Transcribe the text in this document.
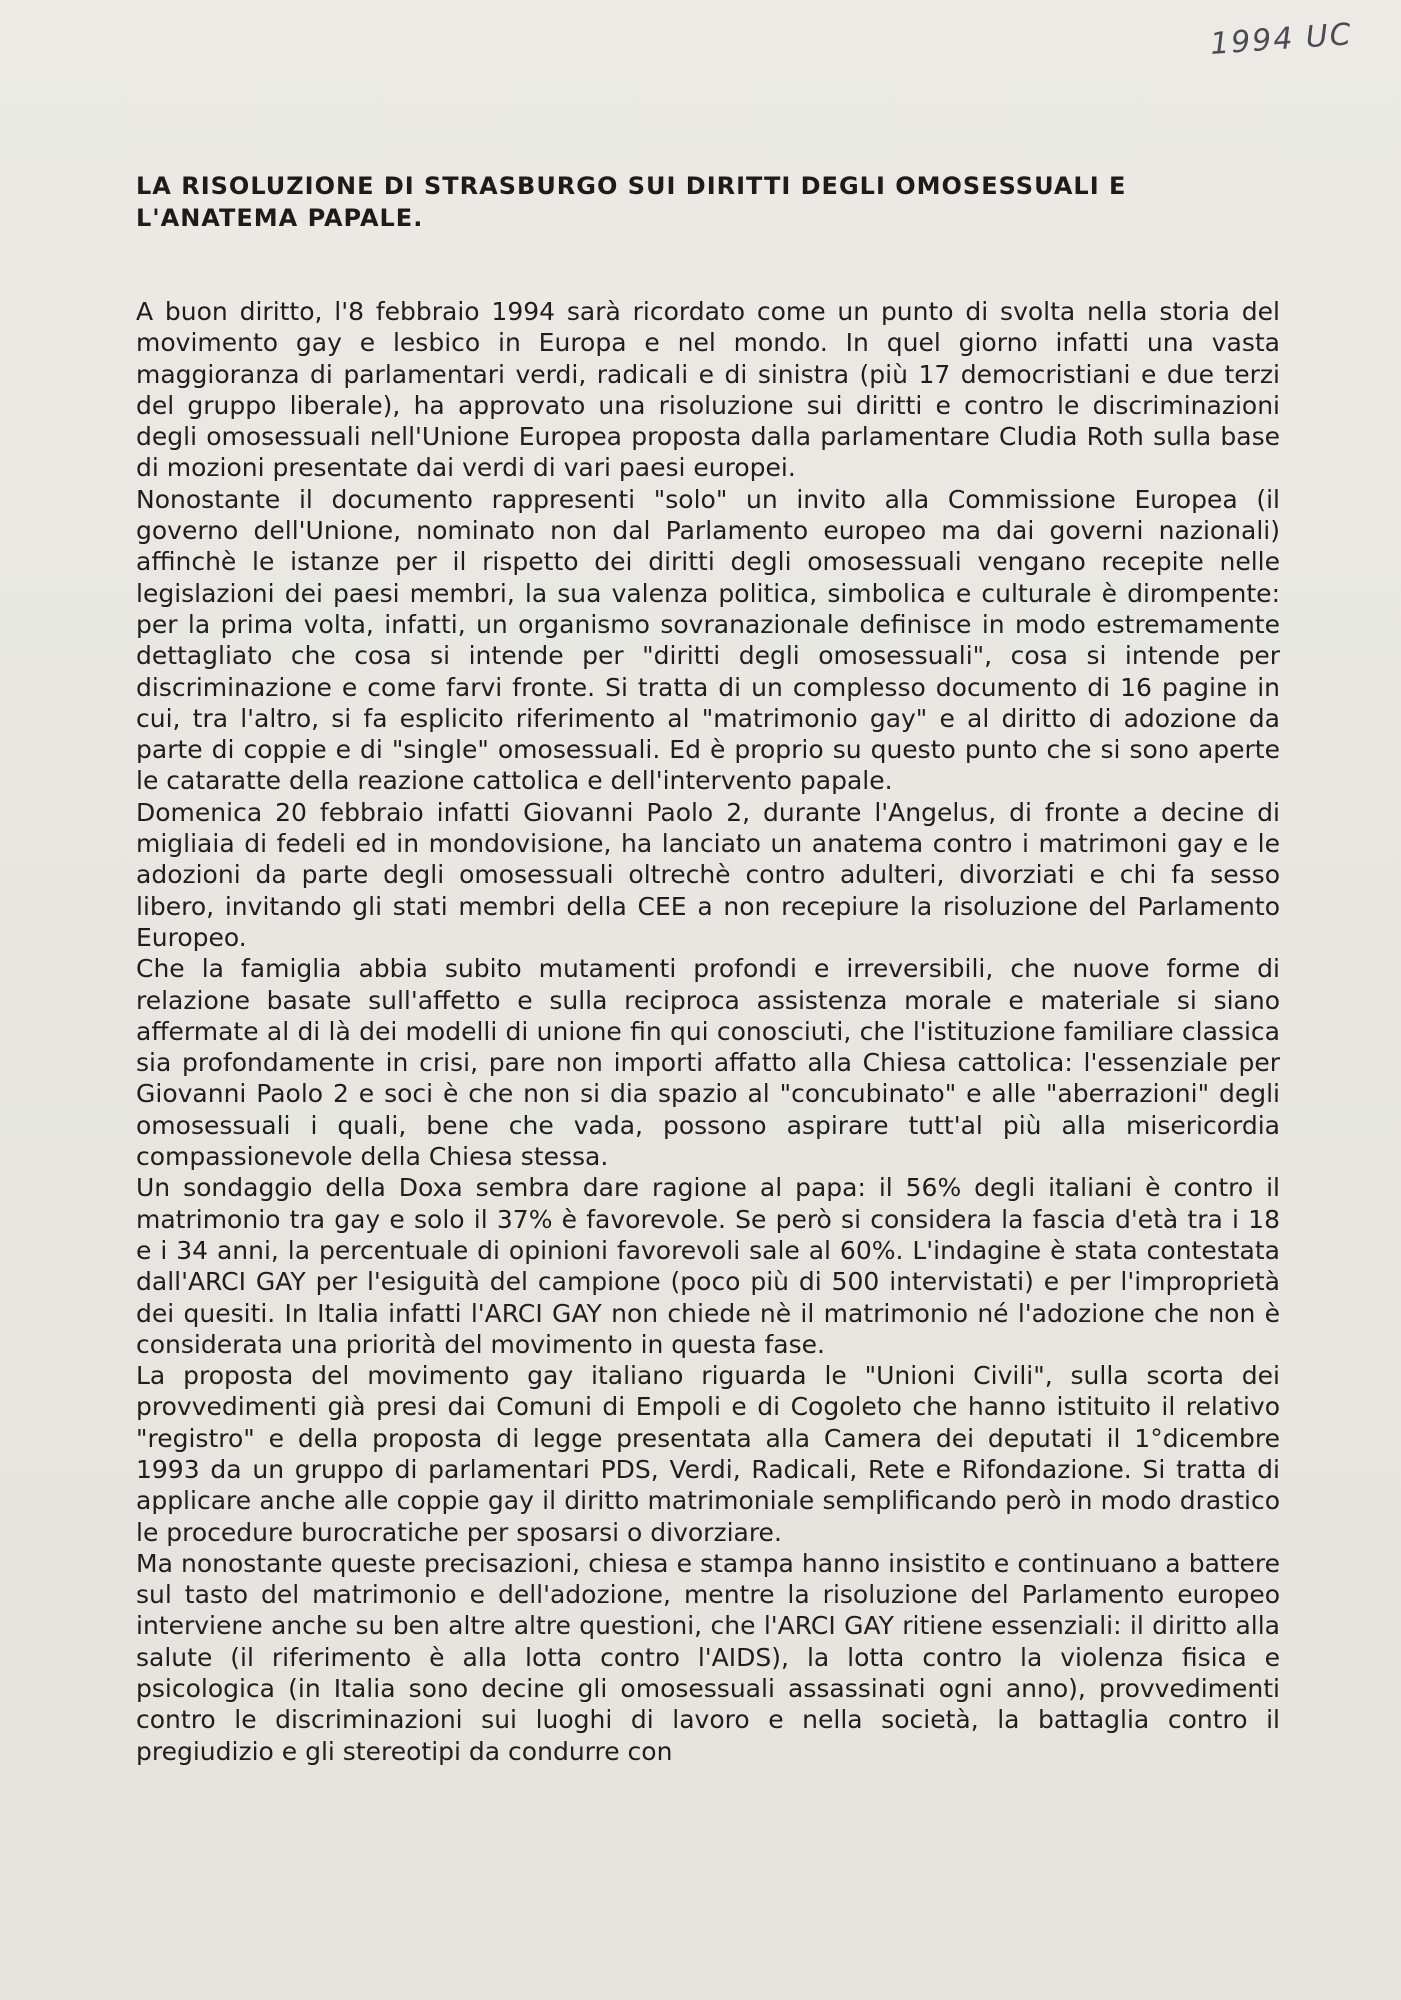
1994 UC
LA RISOLUZIONE DI STRASBURGO SUI DIRITTI DEGLI OMOSESSUALI E L'ANATEMA PAPALE.

A buon diritto, l'8 febbraio 1994 sarà ricordato come un punto di svolta nella storia del movimento gay e lesbico in Europa e nel mondo. In quel giorno infatti una vasta maggioranza di parlamentari verdi, radicali e di sinistra (più 17 democristiani e due terzi del gruppo liberale), ha approvato una risoluzione sui diritti e contro le discriminazioni degli omosessuali nell'Unione Europea proposta dalla parlamentare Cludia Roth sulla base di mozioni presentate dai verdi di vari paesi europei.

Nonostante il documento rappresenti "solo" un invito alla Commissione Europea (il governo dell'Unione, nominato non dal Parlamento europeo ma dai governi nazionali) affinchè le istanze per il rispetto dei diritti degli omosessuali vengano recepite nelle legislazioni dei paesi membri, la sua valenza politica, simbolica e culturale è dirompente: per la prima volta, infatti, un organismo sovranazionale definisce in modo estremamente dettagliato che cosa si intende per "diritti degli omosessuali", cosa si intende per discriminazione e come farvi fronte. Si tratta di un complesso documento di 16 pagine in cui, tra l'altro, si fa esplicito riferimento al "matrimonio gay" e al diritto di adozione da parte di coppie e di "single" omosessuali. Ed è proprio su questo punto che si sono aperte le cataratte della reazione cattolica e dell'intervento papale.

Domenica 20 febbraio infatti Giovanni Paolo 2, durante l'Angelus, di fronte a decine di migliaia di fedeli ed in mondovisione, ha lanciato un anatema contro i matrimoni gay e le adozioni da parte degli omosessuali oltrechè contro adulteri, divorziati e chi fa sesso libero, invitando gli stati membri della CEE a non recepiure la risoluzione del Parlamento Europeo.

Che la famiglia abbia subito mutamenti profondi e irreversibili, che nuove forme di relazione basate sull'affetto e sulla reciproca assistenza morale e materiale si siano affermate al di là dei modelli di unione fin qui conosciuti, che l'istituzione familiare classica sia profondamente in crisi, pare non importi affatto alla Chiesa cattolica: l'essenziale per Giovanni Paolo 2 e soci è che non si dia spazio al "concubinato" e alle "aberrazioni" degli omosessuali i quali, bene che vada, possono aspirare tutt'al più alla misericordia compassionevole della Chiesa stessa.

Un sondaggio della Doxa sembra dare ragione al papa: il 56% degli italiani è contro il matrimonio tra gay e solo il 37% è favorevole. Se però si considera la fascia d'età tra i 18 e i 34 anni, la percentuale di opinioni favorevoli sale al 60%. L'indagine è stata contestata dall'ARCI GAY per l'esiguità del campione (poco più di 500 intervistati) e per l'improprietà dei quesiti. In Italia infatti l'ARCI GAY non chiede nè il matrimonio né l'adozione che non è considerata una priorità del movimento in questa fase.

La proposta del movimento gay italiano riguarda le "Unioni Civili", sulla scorta dei provvedimenti già presi dai Comuni di Empoli e di Cogoleto che hanno istituito il relativo "registro" e della proposta di legge presentata alla Camera dei deputati il 1°dicembre 1993 da un gruppo di parlamentari PDS, Verdi, Radicali, Rete e Rifondazione. Si tratta di applicare anche alle coppie gay il diritto matrimoniale semplificando però in modo drastico le procedure burocratiche per sposarsi o divorziare.

Ma nonostante queste precisazioni, chiesa e stampa hanno insistito e continuano a battere sul tasto del matrimonio e dell'adozione, mentre la risoluzione del Parlamento europeo interviene anche su ben altre altre questioni, che l'ARCI GAY ritiene essenziali: il diritto alla salute (il riferimento è alla lotta contro l'AIDS), la lotta contro la violenza fisica e psicologica (in Italia sono decine gli omosessuali assassinati ogni anno), provvedimenti contro le discriminazioni sui luoghi di lavoro e nella società, la battaglia contro il pregiudizio e gli stereotipi da condurre con
